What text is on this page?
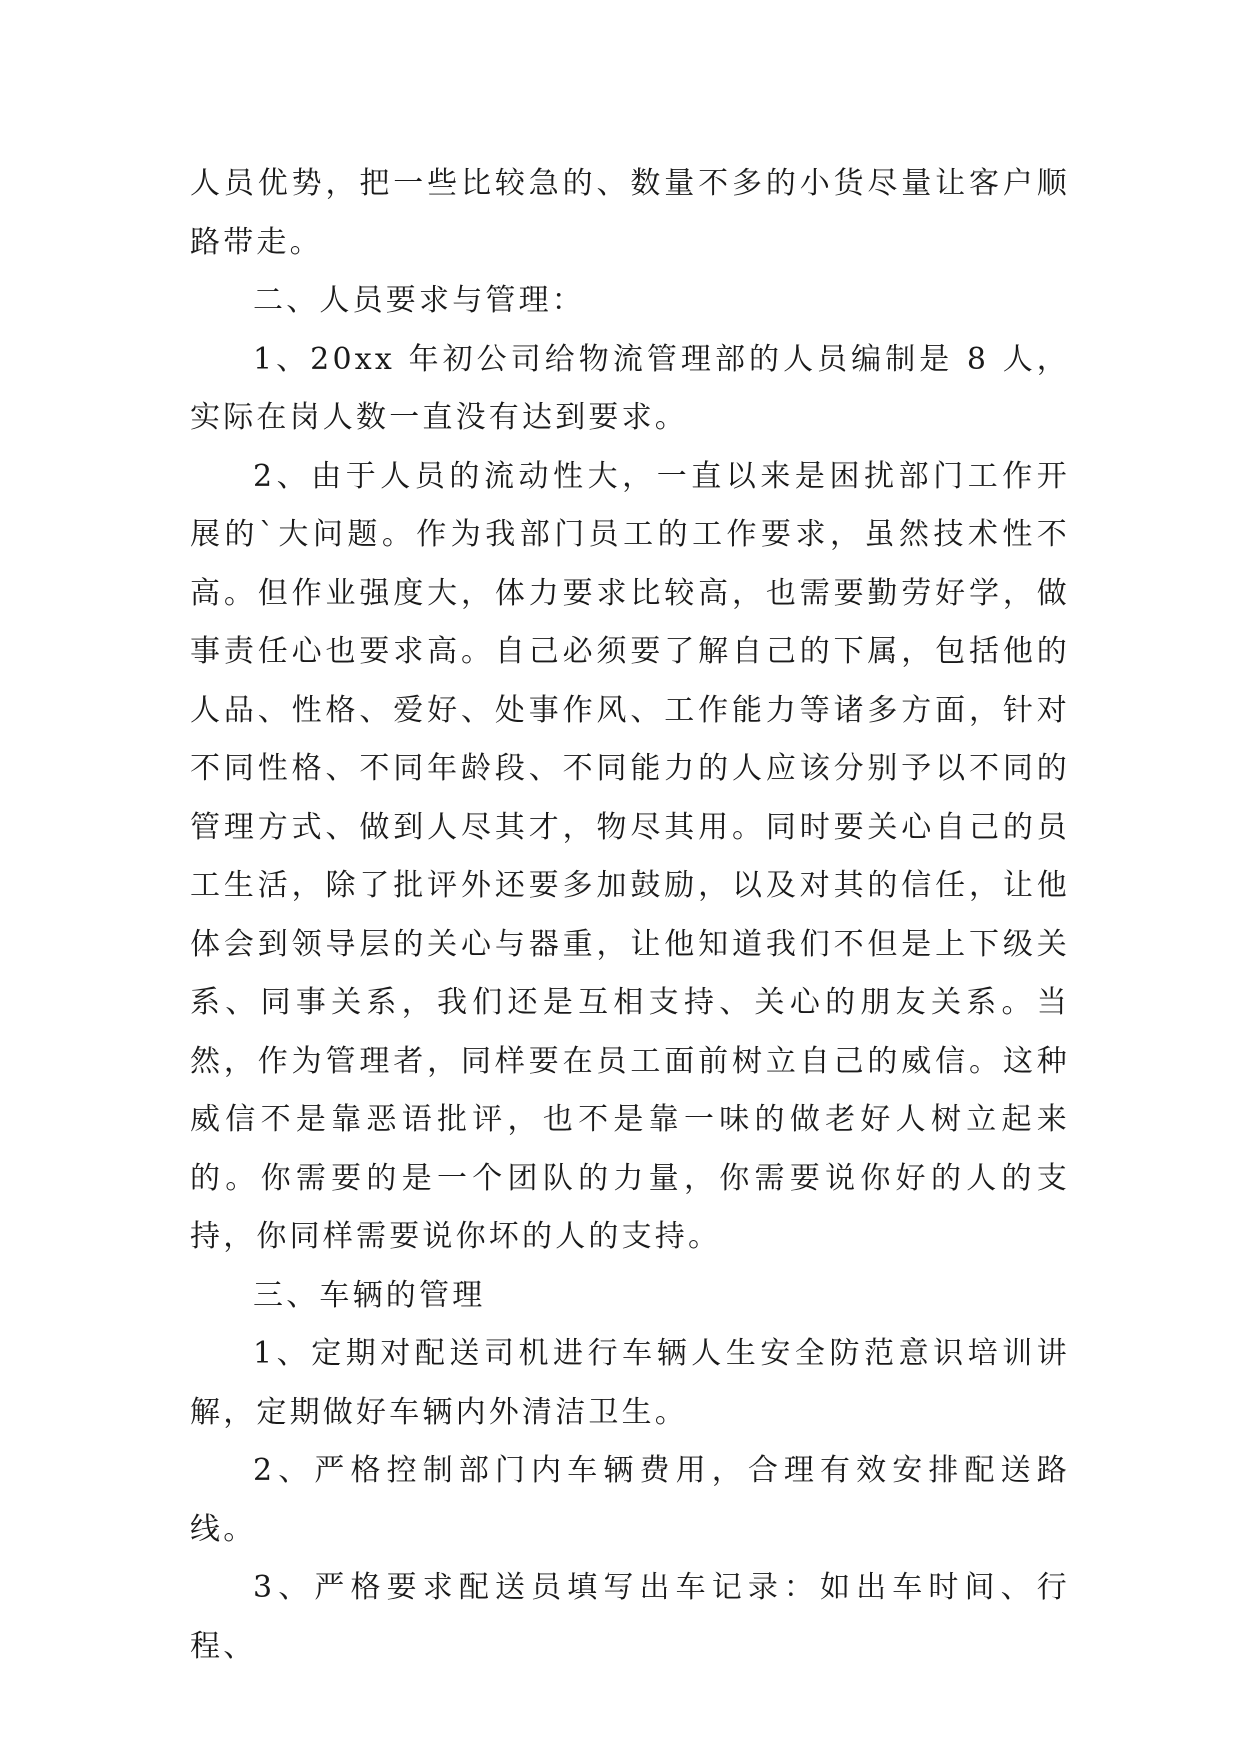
人员优势，把一些比较急的、数量不多的小货尽量让客户顺路带走。

二、人员要求与管理：

1、20xx 年初公司给物流管理部的人员编制是 8 人，实际在岗人数一直没有达到要求。

2、由于人员的流动性大，一直以来是困扰部门工作开展的`大问题。作为我部门员工的工作要求，虽然技术性不高。但作业强度大，体力要求比较高，也需要勤劳好学，做事责任心也要求高。自己必须要了解自己的下属，包括他的人品、性格、爱好、处事作风、工作能力等诸多方面，针对不同性格、不同年龄段、不同能力的人应该分别予以不同的管理方式、做到人尽其才，物尽其用。同时要关心自己的员工生活，除了批评外还要多加鼓励，以及对其的信任，让他体会到领导层的关心与器重，让他知道我们不但是上下级关系、同事关系，我们还是互相支持、关心的朋友关系。当然，作为管理者，同样要在员工面前树立自己的威信。这种威信不是靠恶语批评，也不是靠一味的做老好人树立起来的。你需要的是一个团队的力量，你需要说你好的人的支持，你同样需要说你坏的人的支持。

三、车辆的管理

1、定期对配送司机进行车辆人生安全防范意识培训讲解，定期做好车辆内外清洁卫生。

2、严格控制部门内车辆费用，合理有效安排配送路线。

3、严格要求配送员填写出车记录：如出车时间、行程、
